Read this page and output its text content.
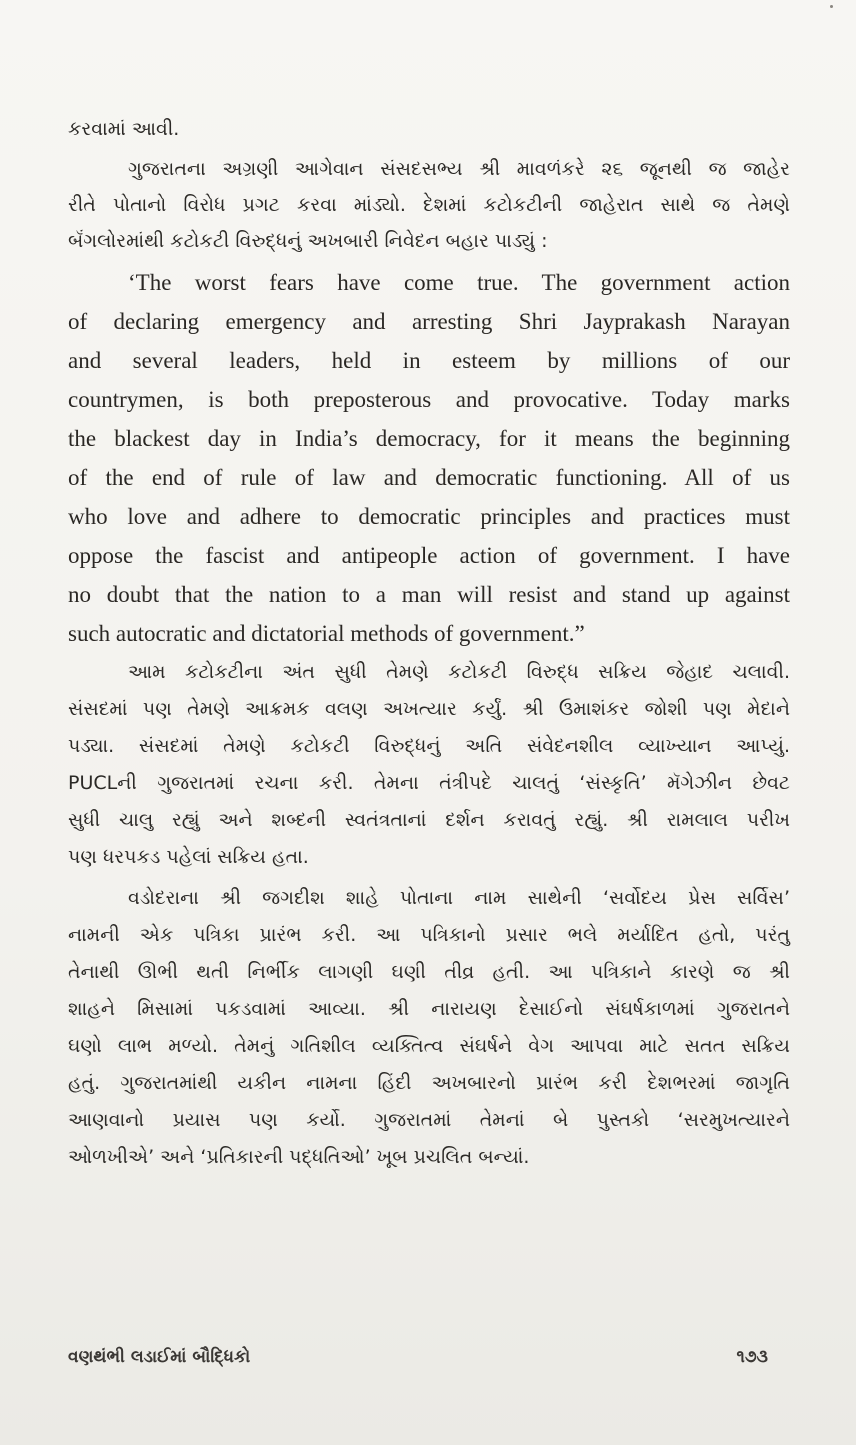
કરવામાં આવી.
ગુજરાતના અગ્રણી આગેવાન સંસદસભ્ય શ્રી માવળંકરે ૨૬ જૂનથી જ જાહેર
રીતે પોતાનો વિરોધ પ્રગટ કરવા માંડ્યો. દેશમાં કટોકટીની જાહેરાત સાથે જ તેમણે
બૅંગલોરમાંથી કટોકટી વિરુદ્ધનું અખબારી નિવેદન બહાર પાડ્યું :
‘The worst fears have come true. The government action
of declaring emergency and arresting Shri Jayprakash Narayan
and several leaders, held in esteem by millions of our
countrymen, is both preposterous and provocative. Today marks
the blackest day in India’s democracy, for it means the beginning
of the end of rule of law and democratic functioning. All of us
who love and adhere to democratic principles and practices must
oppose the fascist and antipeople action of government. I have
no doubt that the nation to a man will resist and stand up against
such autocratic and dictatorial methods of government.”
આમ કટોકટીના અંત સુધી તેમણે કટોકટી વિરુદ્ધ સક્રિય જેહાદ ચલાવી.
સંસદમાં પણ તેમણે આક્રમક વલણ અખત્યાર કર્યું. શ્રી ઉમાશંકર જોશી પણ મેદાને
પડ્યા. સંસદમાં તેમણે કટોકટી વિરુદ્ધનું અતિ સંવેદનશીલ વ્યાખ્યાન આપ્યું.
PUCLની ગુજરાતમાં રચના કરી. તેમના તંત્રીપદે ચાલતું ‘સંસ્કૃતિ’ મૅગેઝીન છેવટ
સુધી ચાલુ રહ્યું અને શબ્દની સ્વતંત્રતાનાં દર્શન કરાવતું રહ્યું. શ્રી રામલાલ પરીખ
પણ ધરપકડ પહેલાં સક્રિય હતા.
વડોદરાના શ્રી જગદીશ શાહે પોતાના નામ સાથેની ‘સર્વોદય પ્રેસ સર્વિસ’
નામની એક પત્રિકા પ્રારંભ કરી. આ પત્રિકાનો પ્રસાર ભલે મર્યાદિત હતો, પરંતુ
તેનાથી ઊભી થતી નિર્ભીક લાગણી ઘણી તીવ્ર હતી. આ પત્રિકાને કારણે જ શ્રી
શાહને મિસામાં પકડવામાં આવ્યા. શ્રી નારાયણ દેસાઈનો સંઘર્ષકાળમાં ગુજરાતને
ઘણો લાભ મળ્યો. તેમનું ગતિશીલ વ્યક્તિત્વ સંઘર્ષને વેગ આપવા માટે સતત સક્રિય
હતું. ગુજરાતમાંથી યકીન નામના હિંદી અખબારનો પ્રારંભ કરી દેશભરમાં જાગૃતિ
આણવાનો પ્રયાસ પણ કર્યો. ગુજરાતમાં તેમનાં બે પુસ્તકો ‘સરમુખત્યારને
ઓળખીએ’ અને ‘પ્રતિકારની પદ્ધતિઓ’ ખૂબ પ્રચલિત બન્યાં.
વણથંભી લડાઈમાં બૌદ્ધિકો	૧૭૩
